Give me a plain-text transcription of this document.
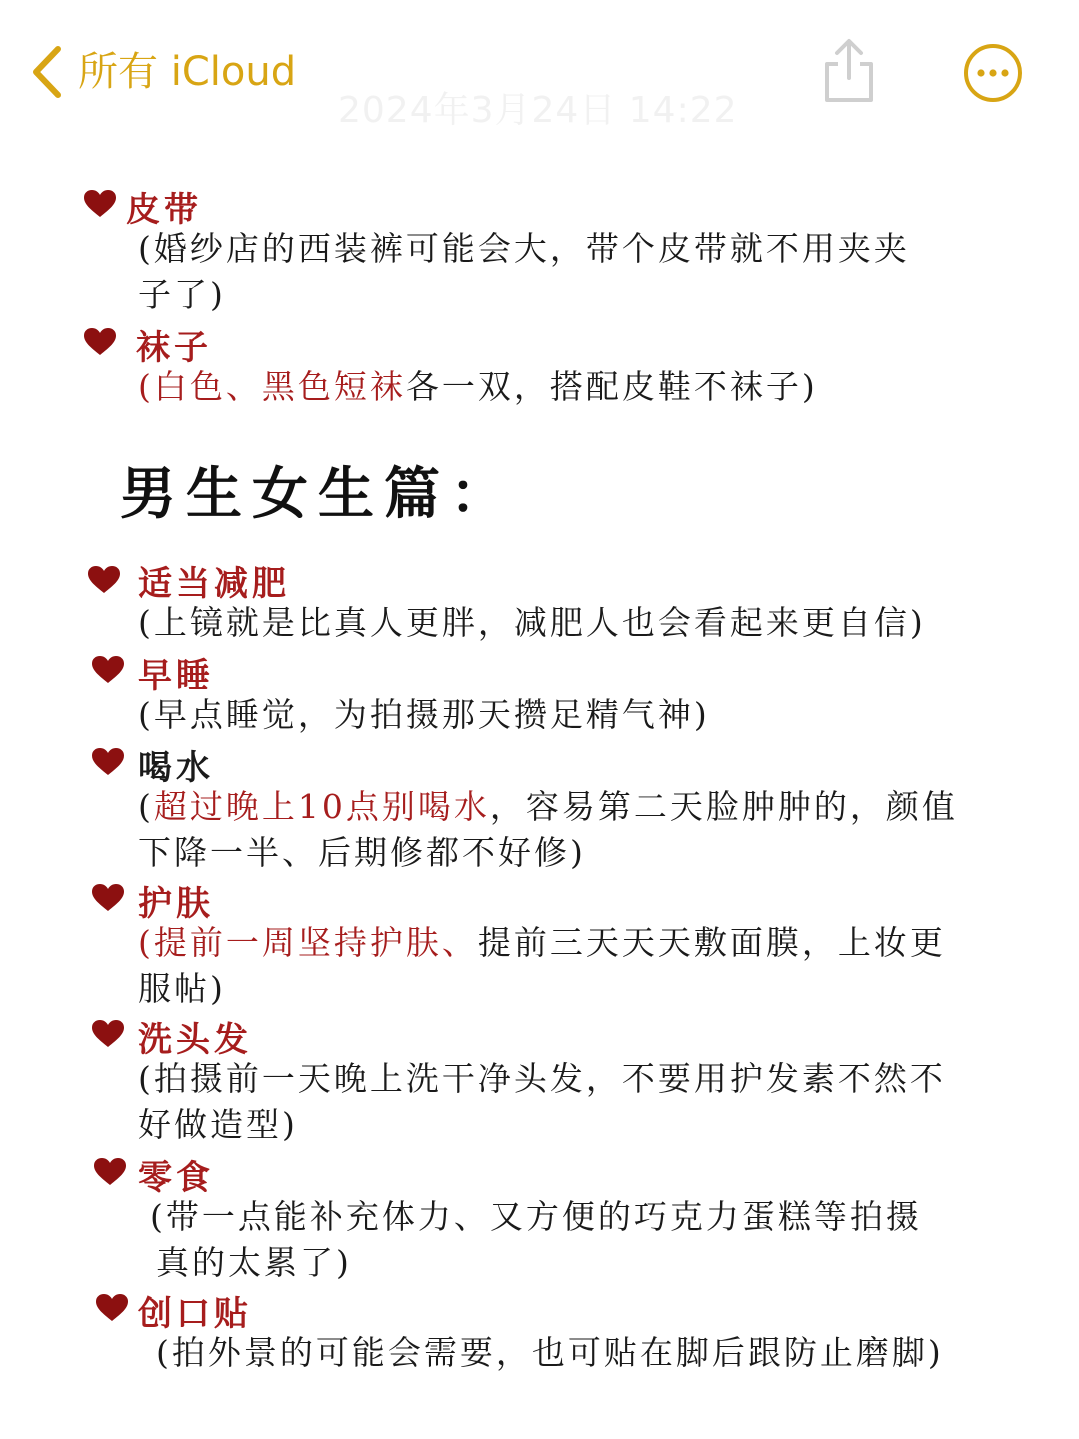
所有 iCloud
2024年3月24日 14:22
皮带
(婚纱店的西装裤可能会大，带个皮带就不用夹夹
子了)
袜子
(白色、黑色短袜各一双，搭配皮鞋不袜子)
男生女生篇：
适当减肥
(上镜就是比真人更胖，减肥人也会看起来更自信)
早睡
(早点睡觉，为拍摄那天攒足精气神)
喝水
(超过晚上10点别喝水，容易第二天脸肿肿的，颜值
下降一半、后期修都不好修)
护肤
(提前一周坚持护肤、提前三天天天敷面膜，上妆更
服帖)
洗头发
(拍摄前一天晚上洗干净头发，不要用护发素不然不
好做造型)
零食
(带一点能补充体力、又方便的巧克力蛋糕等拍摄
真的太累了)
创口贴
(拍外景的可能会需要，也可贴在脚后跟防止磨脚)
